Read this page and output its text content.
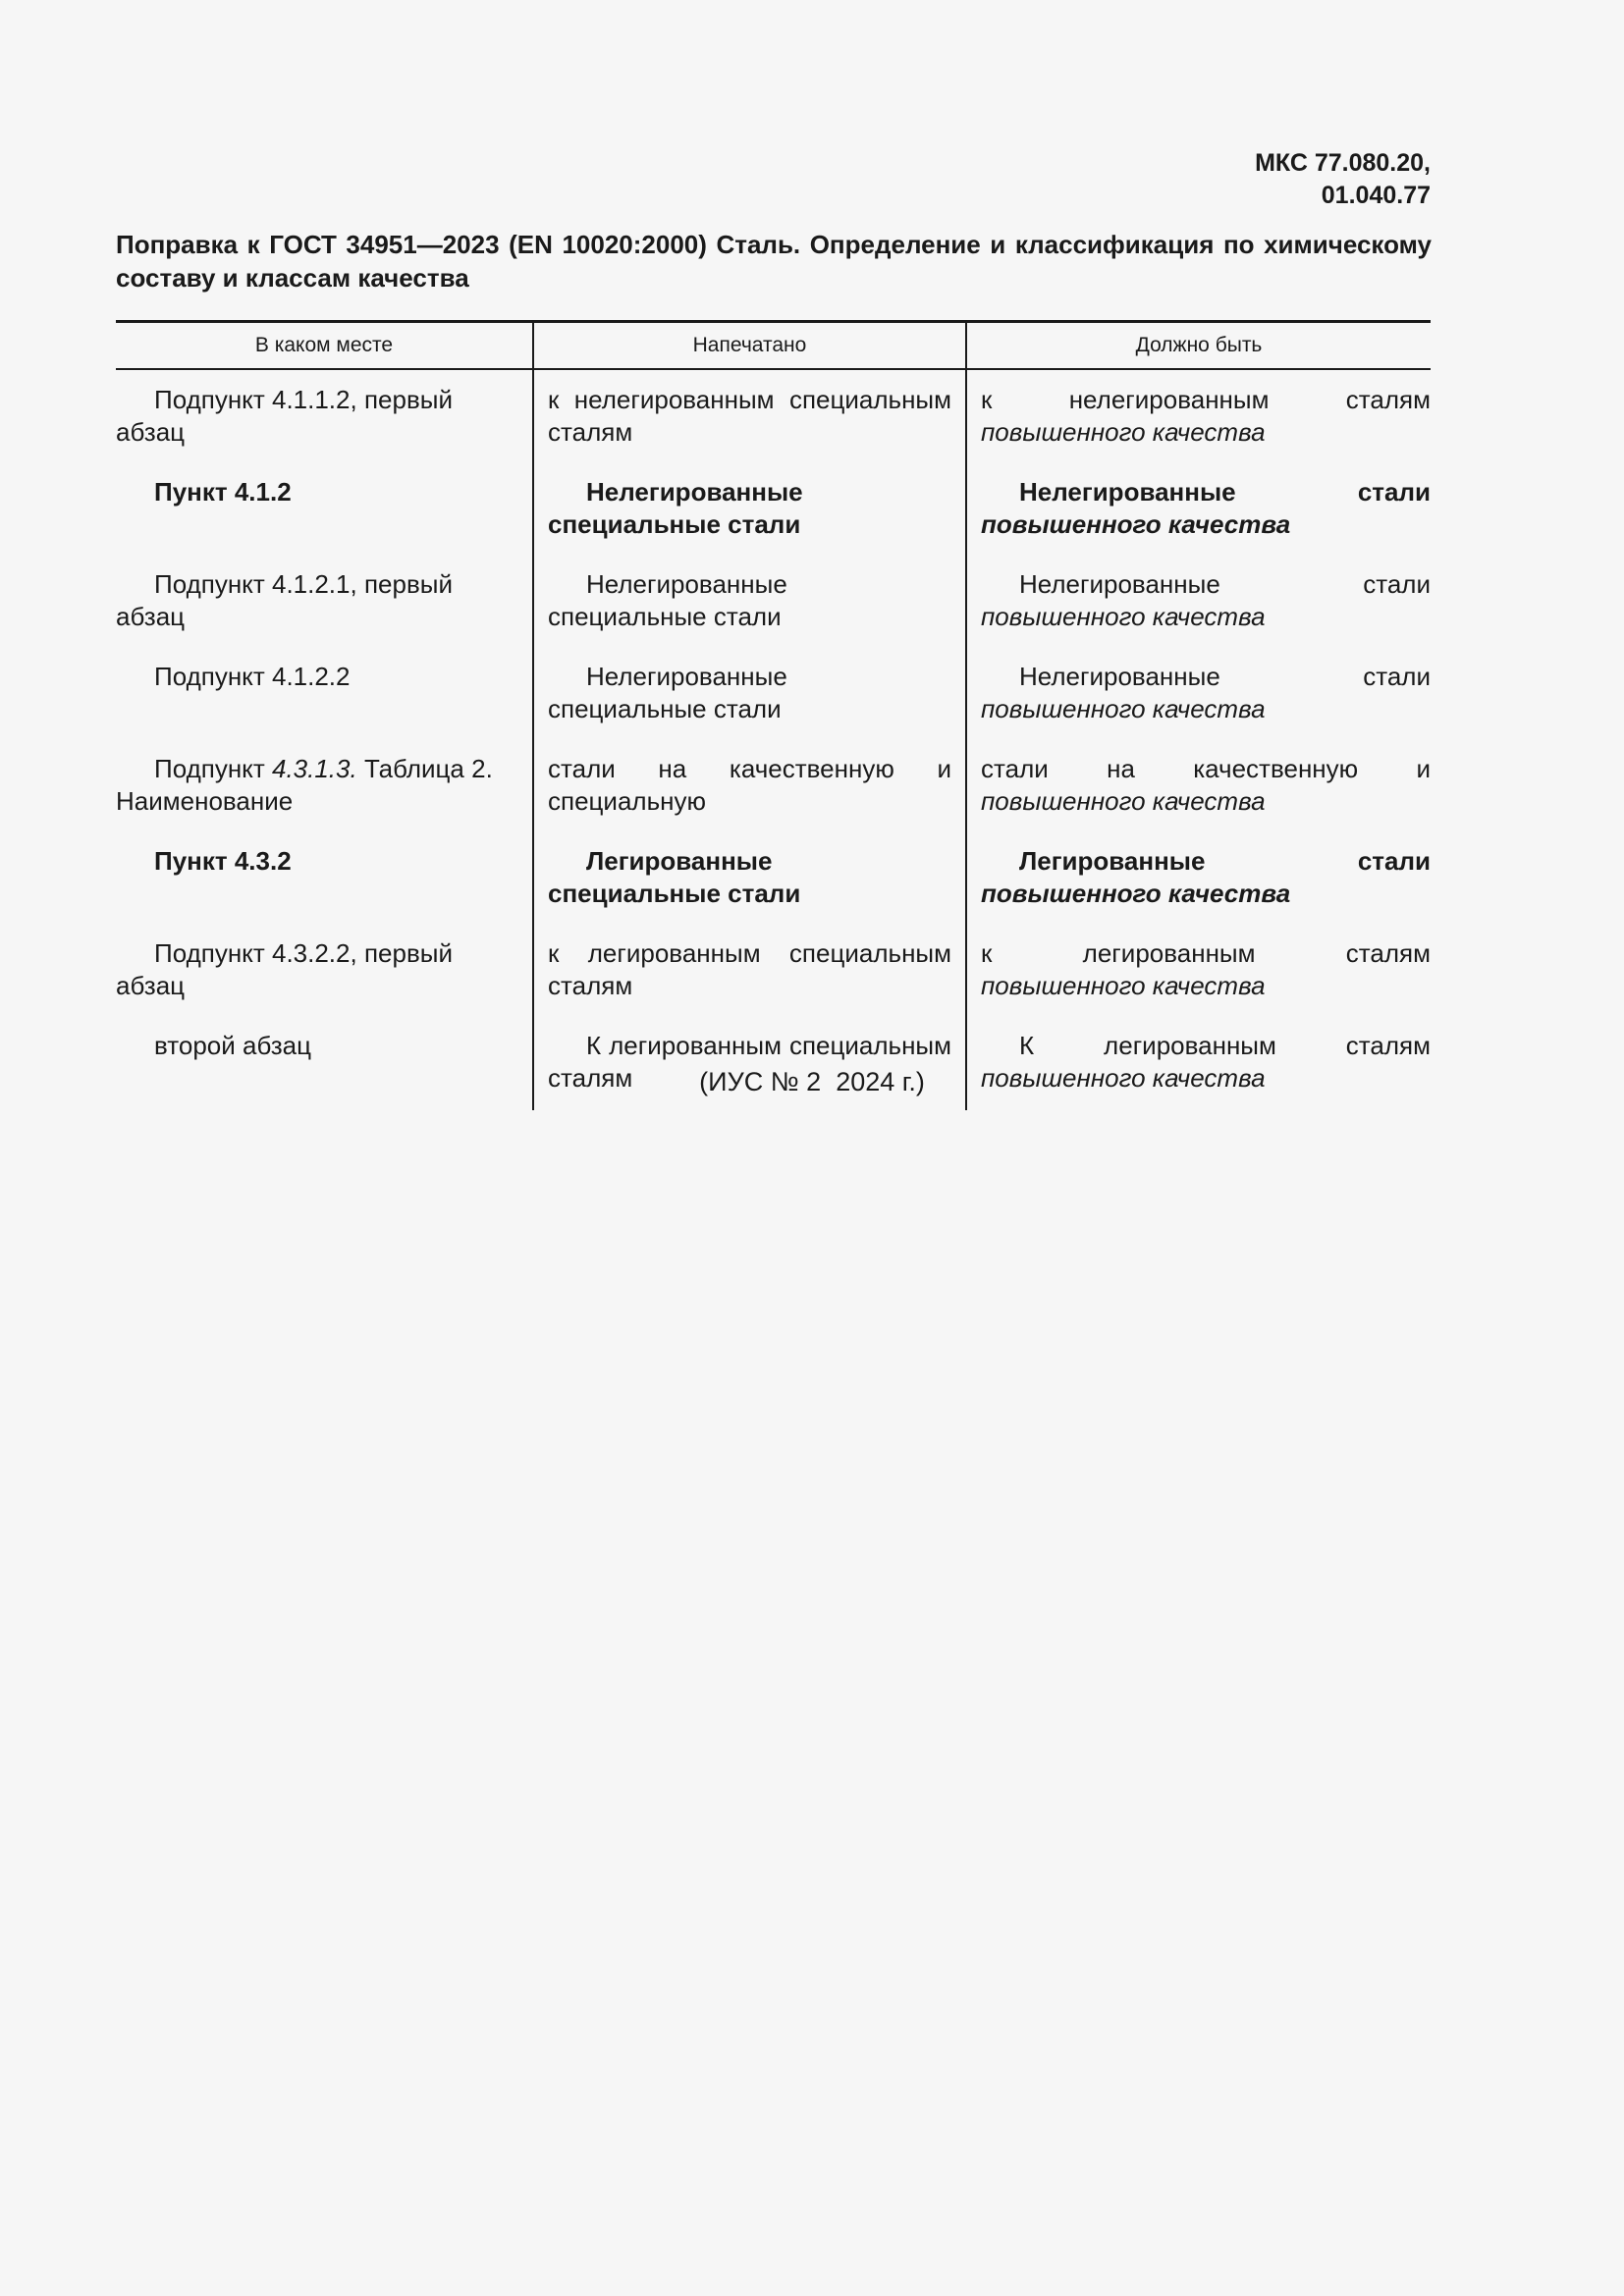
МКС 77.080.20,
01.040.77
Поправка к ГОСТ 34951—2023 (EN 10020:2000) Сталь. Определение и классификация по химическому составу и классам качества
В каком месте	Напечатано	Должно быть

Подпункт 4.1.1.2, первый абзац	к нелегированным специальным сталям	к нелегированным сталям повышенного качества

Пункт 4.1.2	Нелегированные специальные стали	Нелегированные стали повышенного качества

Подпункт 4.1.2.1, первый абзац	Нелегированные специальные стали	Нелегированные стали повышенного качества

Подпункт 4.1.2.2	Нелегированные специальные стали	Нелегированные стали повышенного качества

Подпункт 4.3.1.3. Таблица 2. Наименование	стали на качественную и специальную	стали на качественную и повышенного качества

Пункт 4.3.2	Легированные специальные стали	Легированные стали повышенного качества

Подпункт 4.3.2.2, первый абзац	к легированным специальным сталям	к легированным сталям повышенного качества

второй абзац	К легированным специальным сталям	К легированным сталям повышенного качества
(ИУС № 2  2024 г.)
